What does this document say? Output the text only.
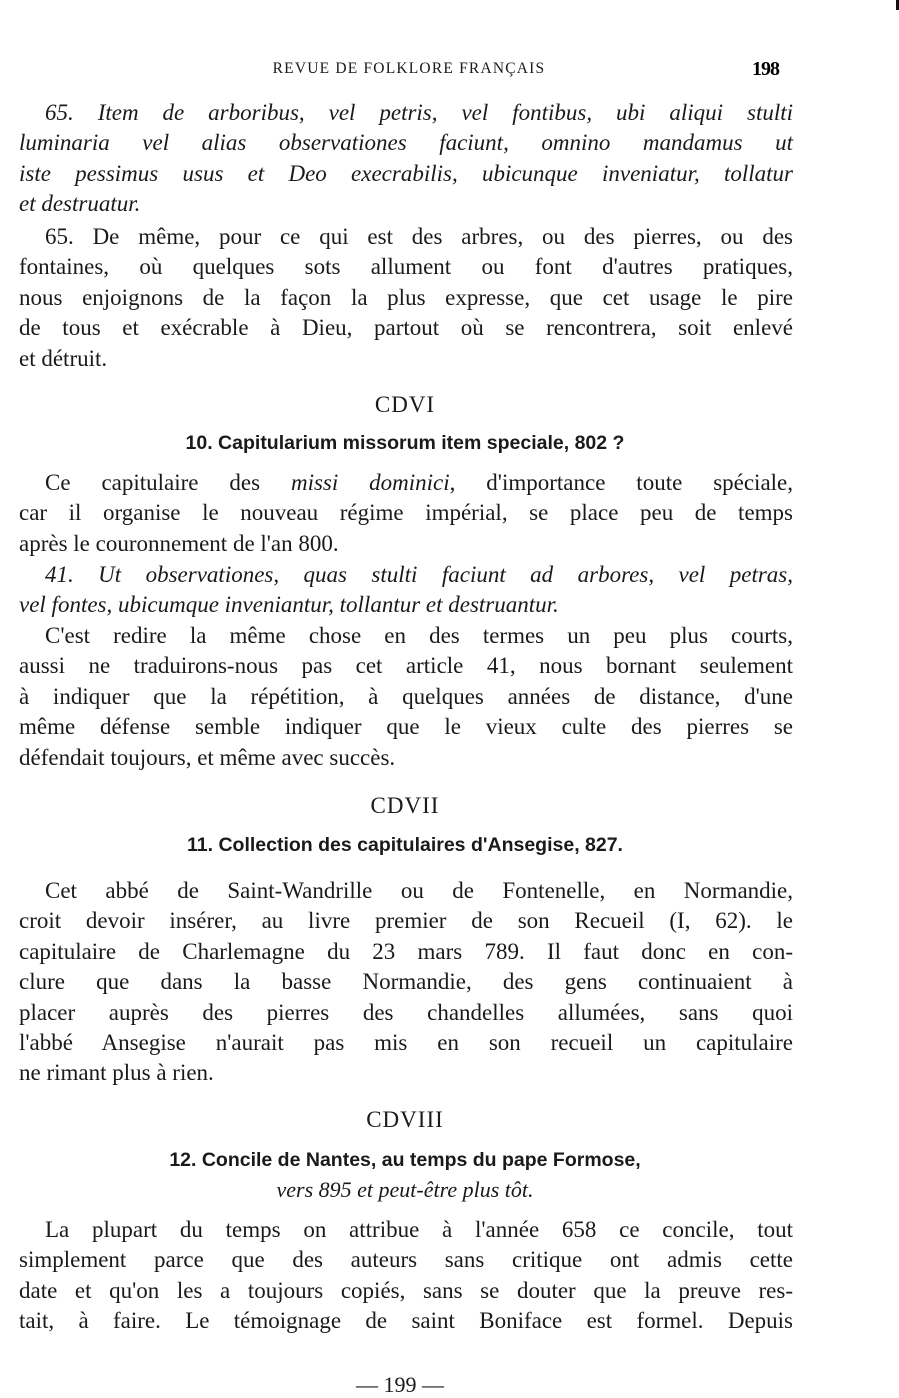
REVUE DE FOLKLORE FRANÇAIS	198
65. Item de arboribus, vel petris, vel fontibus, ubi aliqui stulti
luminaria vel alias observationes faciunt, omnino mandamus ut
iste pessimus usus et Deo execrabilis, ubicunque inveniatur, tollatur
et destruatur.
65. De même, pour ce qui est des arbres, ou des pierres, ou des
fontaines, où quelques sots allument ou font d'autres pratiques,
nous enjoignons de la façon la plus expresse, que cet usage le pire
de tous et exécrable à Dieu, partout où se rencontrera, soit enlevé
et détruit.
CDVI
10. Capitularium missorum item speciale, 802 ?
Ce capitulaire des missi dominici, d'importance toute spéciale,
car il organise le nouveau régime impérial, se place peu de temps
après le couronnement de l'an 800.
41. Ut observationes, quas stulti faciunt ad arbores, vel petras,
vel fontes, ubicumque inveniantur, tollantur et destruantur.
C'est redire la même chose en des termes un peu plus courts,
aussi ne traduirons-nous pas cet article 41, nous bornant seulement
à indiquer que la répétition, à quelques années de distance, d'une
même défense semble indiquer que le vieux culte des pierres se
défendait toujours, et même avec succès.
CDVII
11. Collection des capitulaires d'Ansegise, 827.
Cet abbé de Saint-Wandrille ou de Fontenelle, en Normandie,
croit devoir insérer, au livre premier de son Recueil (I, 62). le
capitulaire de Charlemagne du 23 mars 789. Il faut donc en con-
clure que dans la basse Normandie, des gens continuaient à
placer auprès des pierres des chandelles allumées, sans quoi
l'abbé Ansegise n'aurait pas mis en son recueil un capitulaire
ne rimant plus à rien.
CDVIII
12. Concile de Nantes, au temps du pape Formose,
vers 895 et peut-être plus tôt.
La plupart du temps on attribue à l'année 658 ce concile, tout
simplement parce que des auteurs sans critique ont admis cette
date et qu'on les a toujours copiés, sans se douter que la preuve res-
tait, à faire. Le témoignage de saint Boniface est formel. Depuis
— 199 —
